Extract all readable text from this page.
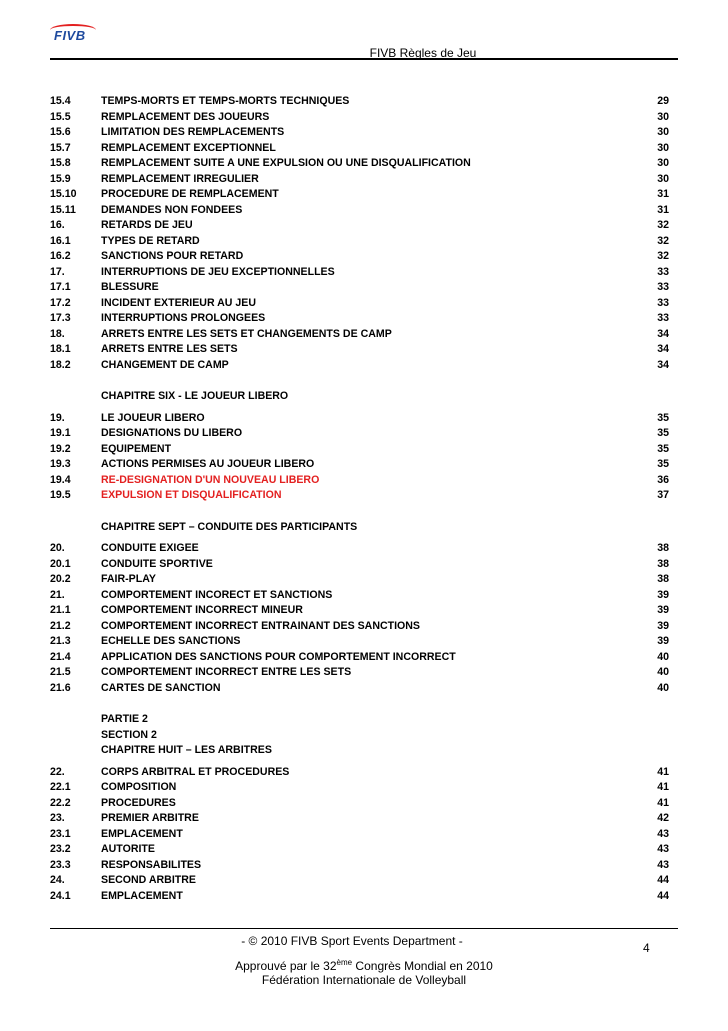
FIVB
FIVB Règles de Jeu
15.4	TEMPS-MORTS ET TEMPS-MORTS TECHNIQUES	29
15.5	REMPLACEMENT DES JOUEURS	30
15.6	LIMITATION DES REMPLACEMENTS	30
15.7	REMPLACEMENT EXCEPTIONNEL	30
15.8	REMPLACEMENT SUITE A UNE EXPULSION OU UNE DISQUALIFICATION	30
15.9	REMPLACEMENT IRREGULIER	30
15.10 PROCEDURE DE REMPLACEMENT	31
15.11 DEMANDES NON FONDEES	31
16.	RETARDS DE JEU	32
16.1	TYPES DE RETARD	32
16.2	SANCTIONS POUR RETARD	32
17.	INTERRUPTIONS DE JEU EXCEPTIONNELLES	33
17.1	BLESSURE	33
17.2	INCIDENT EXTERIEUR AU JEU	33
17.3	INTERRUPTIONS PROLONGEES	33
18.	ARRETS ENTRE LES SETS ET CHANGEMENTS DE CAMP	34
18.1	ARRETS ENTRE LES SETS	34
18.2	CHANGEMENT DE CAMP	34
CHAPITRE SIX - LE JOUEUR LIBERO
19.	LE JOUEUR LIBERO	35
19.1	DESIGNATIONS DU LIBERO	35
19.2	EQUIPEMENT	35
19.3	ACTIONS PERMISES AU JOUEUR LIBERO	35
19.4	RE-DESIGNATION D'UN NOUVEAU LIBERO	36
19.5	EXPULSION ET DISQUALIFICATION	37
CHAPITRE SEPT – CONDUITE DES PARTICIPANTS
20.	CONDUITE EXIGEE	38
20.1	CONDUITE SPORTIVE	38
20.2	FAIR-PLAY	38
21.	COMPORTEMENT INCORECT ET SANCTIONS	39
21.1	COMPORTEMENT INCORRECT MINEUR	39
21.2	COMPORTEMENT INCORRECT ENTRAINANT DES SANCTIONS	39
21.3	ECHELLE DES SANCTIONS	39
21.4	APPLICATION DES SANCTIONS POUR COMPORTEMENT INCORRECT	40
21.5	COMPORTEMENT INCORRECT ENTRE LES SETS	40
21.6	CARTES DE SANCTION	40
PARTIE 2
SECTION 2
CHAPITRE HUIT – LES ARBITRES
22.	CORPS ARBITRAL ET PROCEDURES	41
22.1	COMPOSITION	41
22.2	PROCEDURES	41
23.	PREMIER ARBITRE	42
23.1	EMPLACEMENT	43
23.2	AUTORITE	43
23.3	RESPONSABILITES	43
24.	SECOND ARBITRE	44
24.1	EMPLACEMENT	44
- © 2010 FIVB Sport Events Department -	4
Approuvé par le 32ème Congrès Mondial en 2010
Fédération Internationale de Volleyball
